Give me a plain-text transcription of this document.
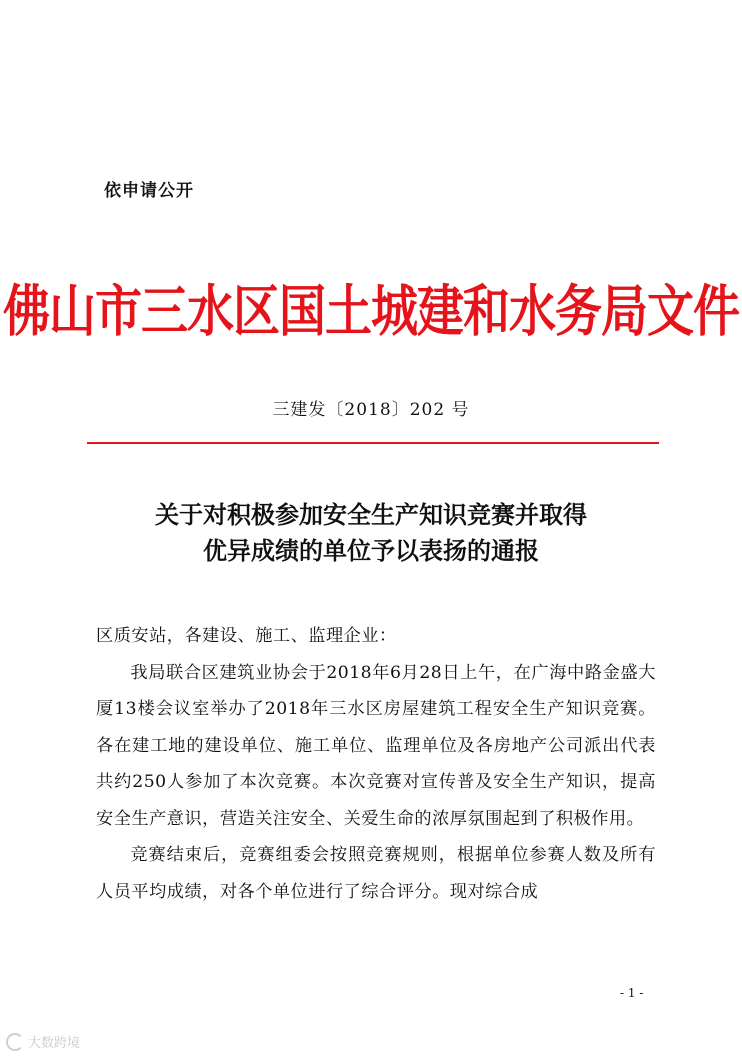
依申请公开
佛山市三水区国土城建和水务局文件
三建发〔2018〕202 号
关于对积极参加安全生产知识竞赛并取得
优异成绩的单位予以表扬的通报

区质安站，各建设、施工、监理企业：

我局联合区建筑业协会于2018年6月28日上午，在广海中路金盛大厦13楼会议室举办了2018年三水区房屋建筑工程安全生产知识竞赛。各在建工地的建设单位、施工单位、监理单位及各房地产公司派出代表共约250人参加了本次竞赛。本次竞赛对宣传普及安全生产知识，提高安全生产意识，营造关注安全、关爱生命的浓厚氛围起到了积极作用。

竞赛结束后，竞赛组委会按照竞赛规则，根据单位参赛人数及所有人员平均成绩，对各个单位进行了综合评分。现对综合成

- 1 -
大数跨境
